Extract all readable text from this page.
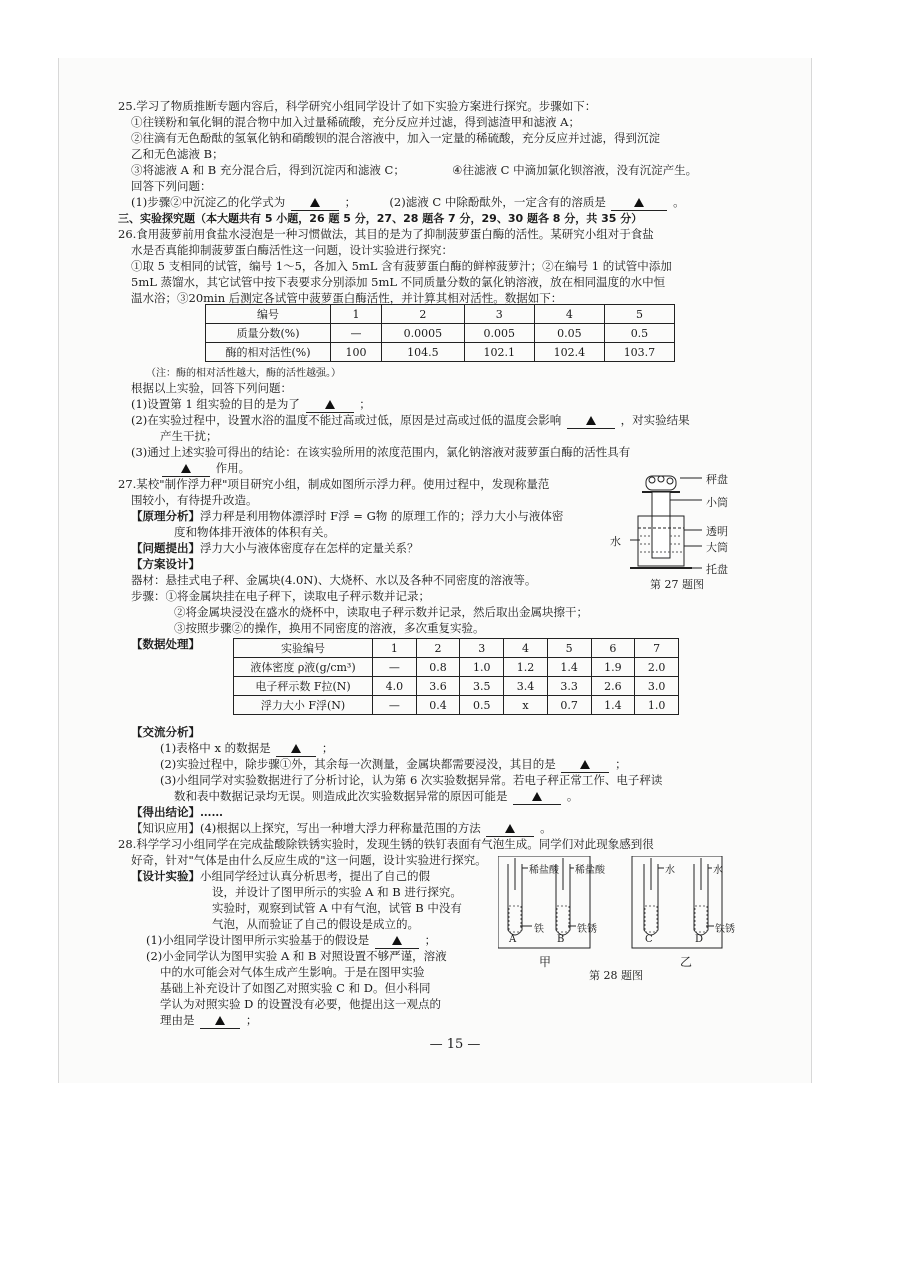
25.学习了物质推断专题内容后，科学研究小组同学设计了如下实验方案进行探究。步骤如下：
①往镁粉和氧化铜的混合物中加入过量稀硫酸，充分反应并过滤，得到滤渣甲和滤液 A；
②往滴有无色酚酞的氢氧化钠和硝酸钡的混合溶液中，加入一定量的稀硫酸，充分反应并过滤，得到沉淀
乙和无色滤液 B；
③将滤液 A 和 B 充分混合后，得到沉淀丙和滤液 C；	④往滤液 C 中滴加氯化钡溶液，没有沉淀产生。
回答下列问题：
(1)步骤②中沉淀乙的化学式为	；	(2)滤液 C 中除酚酞外，一定含有的溶质是	。
三、实验探究题（本大题共有 5 小题，26 题 5 分，27、28 题各 7 分，29、30 题各 8 分，共 35 分）
26.食用菠萝前用食盐水浸泡是一种习惯做法，其目的是为了抑制菠萝蛋白酶的活性。某研究小组对于食盐
水是否真能抑制菠萝蛋白酶活性这一问题，设计实验进行探究：
①取 5 支相同的试管，编号 1～5，各加入 5mL 含有菠萝蛋白酶的鲜榨菠萝汁；②在编号 1 的试管中添加
5mL 蒸馏水，其它试管中按下表要求分别添加 5mL 不同质量分数的氯化钠溶液，放在相同温度的水中恒
温水浴；③20min 后测定各试管中菠萝蛋白酶活性，并计算其相对活性。数据如下：
编号	1	2	3	4	5
质量分数(%)	—	0.0005	0.005	0.05	0.5
酶的相对活性(%)	100	104.5	102.1	102.4	103.7
（注：酶的相对活性越大，酶的活性越强。）
根据以上实验，回答下列问题：
(1)设置第 1 组实验的目的是为了	；
(2)在实验过程中，设置水浴的温度不能过高或过低，原因是过高或过低的温度会影响	，对实验结果
产生干扰；
(3)通过上述实验可得出的结论：在该实验所用的浓度范围内，氯化钠溶液对菠萝蛋白酶的活性具有
作用。
27.某校"制作浮力秤"项目研究小组，制成如图所示浮力秤。使用过程中，发现称量范
围较小，有待提升改造。
【原理分析】浮力秤是利用物体漂浮时 F浮 = G物 的原理工作的；浮力大小与液体密
度和物体排开液体的体积有关。
【问题提出】浮力大小与液体密度存在怎样的定量关系？
【方案设计】
器材：悬挂式电子秤、金属块(4.0N)、大烧杯、水以及各种不同密度的溶液等。
步骤：①将金属块挂在电子秤下，读取电子秤示数并记录；
②将金属块浸没在盛水的烧杯中，读取电子秤示数并记录，然后取出金属块擦干；
③按照步骤②的操作，换用不同密度的溶液，多次重复实验。
【数据处理】
秤盘
小筒
透明
大筒
水
托盘
第 27 题图
实验编号	1	2	3	4	5	6	7
液体密度 ρ液(g/cm³)	—	0.8	1.0	1.2	1.4	1.9	2.0
电子秤示数 F拉(N)	4.0	3.6	3.5	3.4	3.3	2.6	3.0
浮力大小 F浮(N)	—	0.4	0.5	x	0.7	1.4	1.0
【交流分析】
(1)表格中 x 的数据是	；
(2)实验过程中，除步骤①外，其余每一次测量，金属块都需要浸没，其目的是	；
(3)小组同学对实验数据进行了分析讨论，认为第 6 次实验数据异常。若电子秤正常工作、电子秤读
数和表中数据记录均无误。则造成此次实验数据异常的原因可能是	。
【得出结论】……
【知识应用】(4)根据以上探究，写出一种增大浮力秤称量范围的方法	。
28.科学学习小组同学在完成盐酸除铁锈实验时，发现生锈的铁钉表面有气泡生成。同学们对此现象感到很
好奇，针对"气体是由什么反应生成的"这一问题，设计实验进行探究。
【设计实验】小组同学经过认真分析思考，提出了自己的假
设，并设计了图甲所示的实验 A 和 B 进行探究。
实验时，观察到试管 A 中有气泡，试管 B 中没有
气泡，从而验证了自己的假设是成立的。
(1)小组同学设计图甲所示实验基于的假设是	；
(2)小金同学认为图甲实验 A 和 B 对照设置不够严谨，溶液
中的水可能会对气体生成产生影响。于是在图甲实验
基础上补充设计了如图乙对照实验 C 和 D。但小科同
学认为对照实验 D 的设置没有必要，他提出这一观点的
理由是	；
稀盐酸 稀盐酸	水	水
铁	铁锈	铁锈
A	B	C	D
甲	乙
第 28 题图
— 15 —
